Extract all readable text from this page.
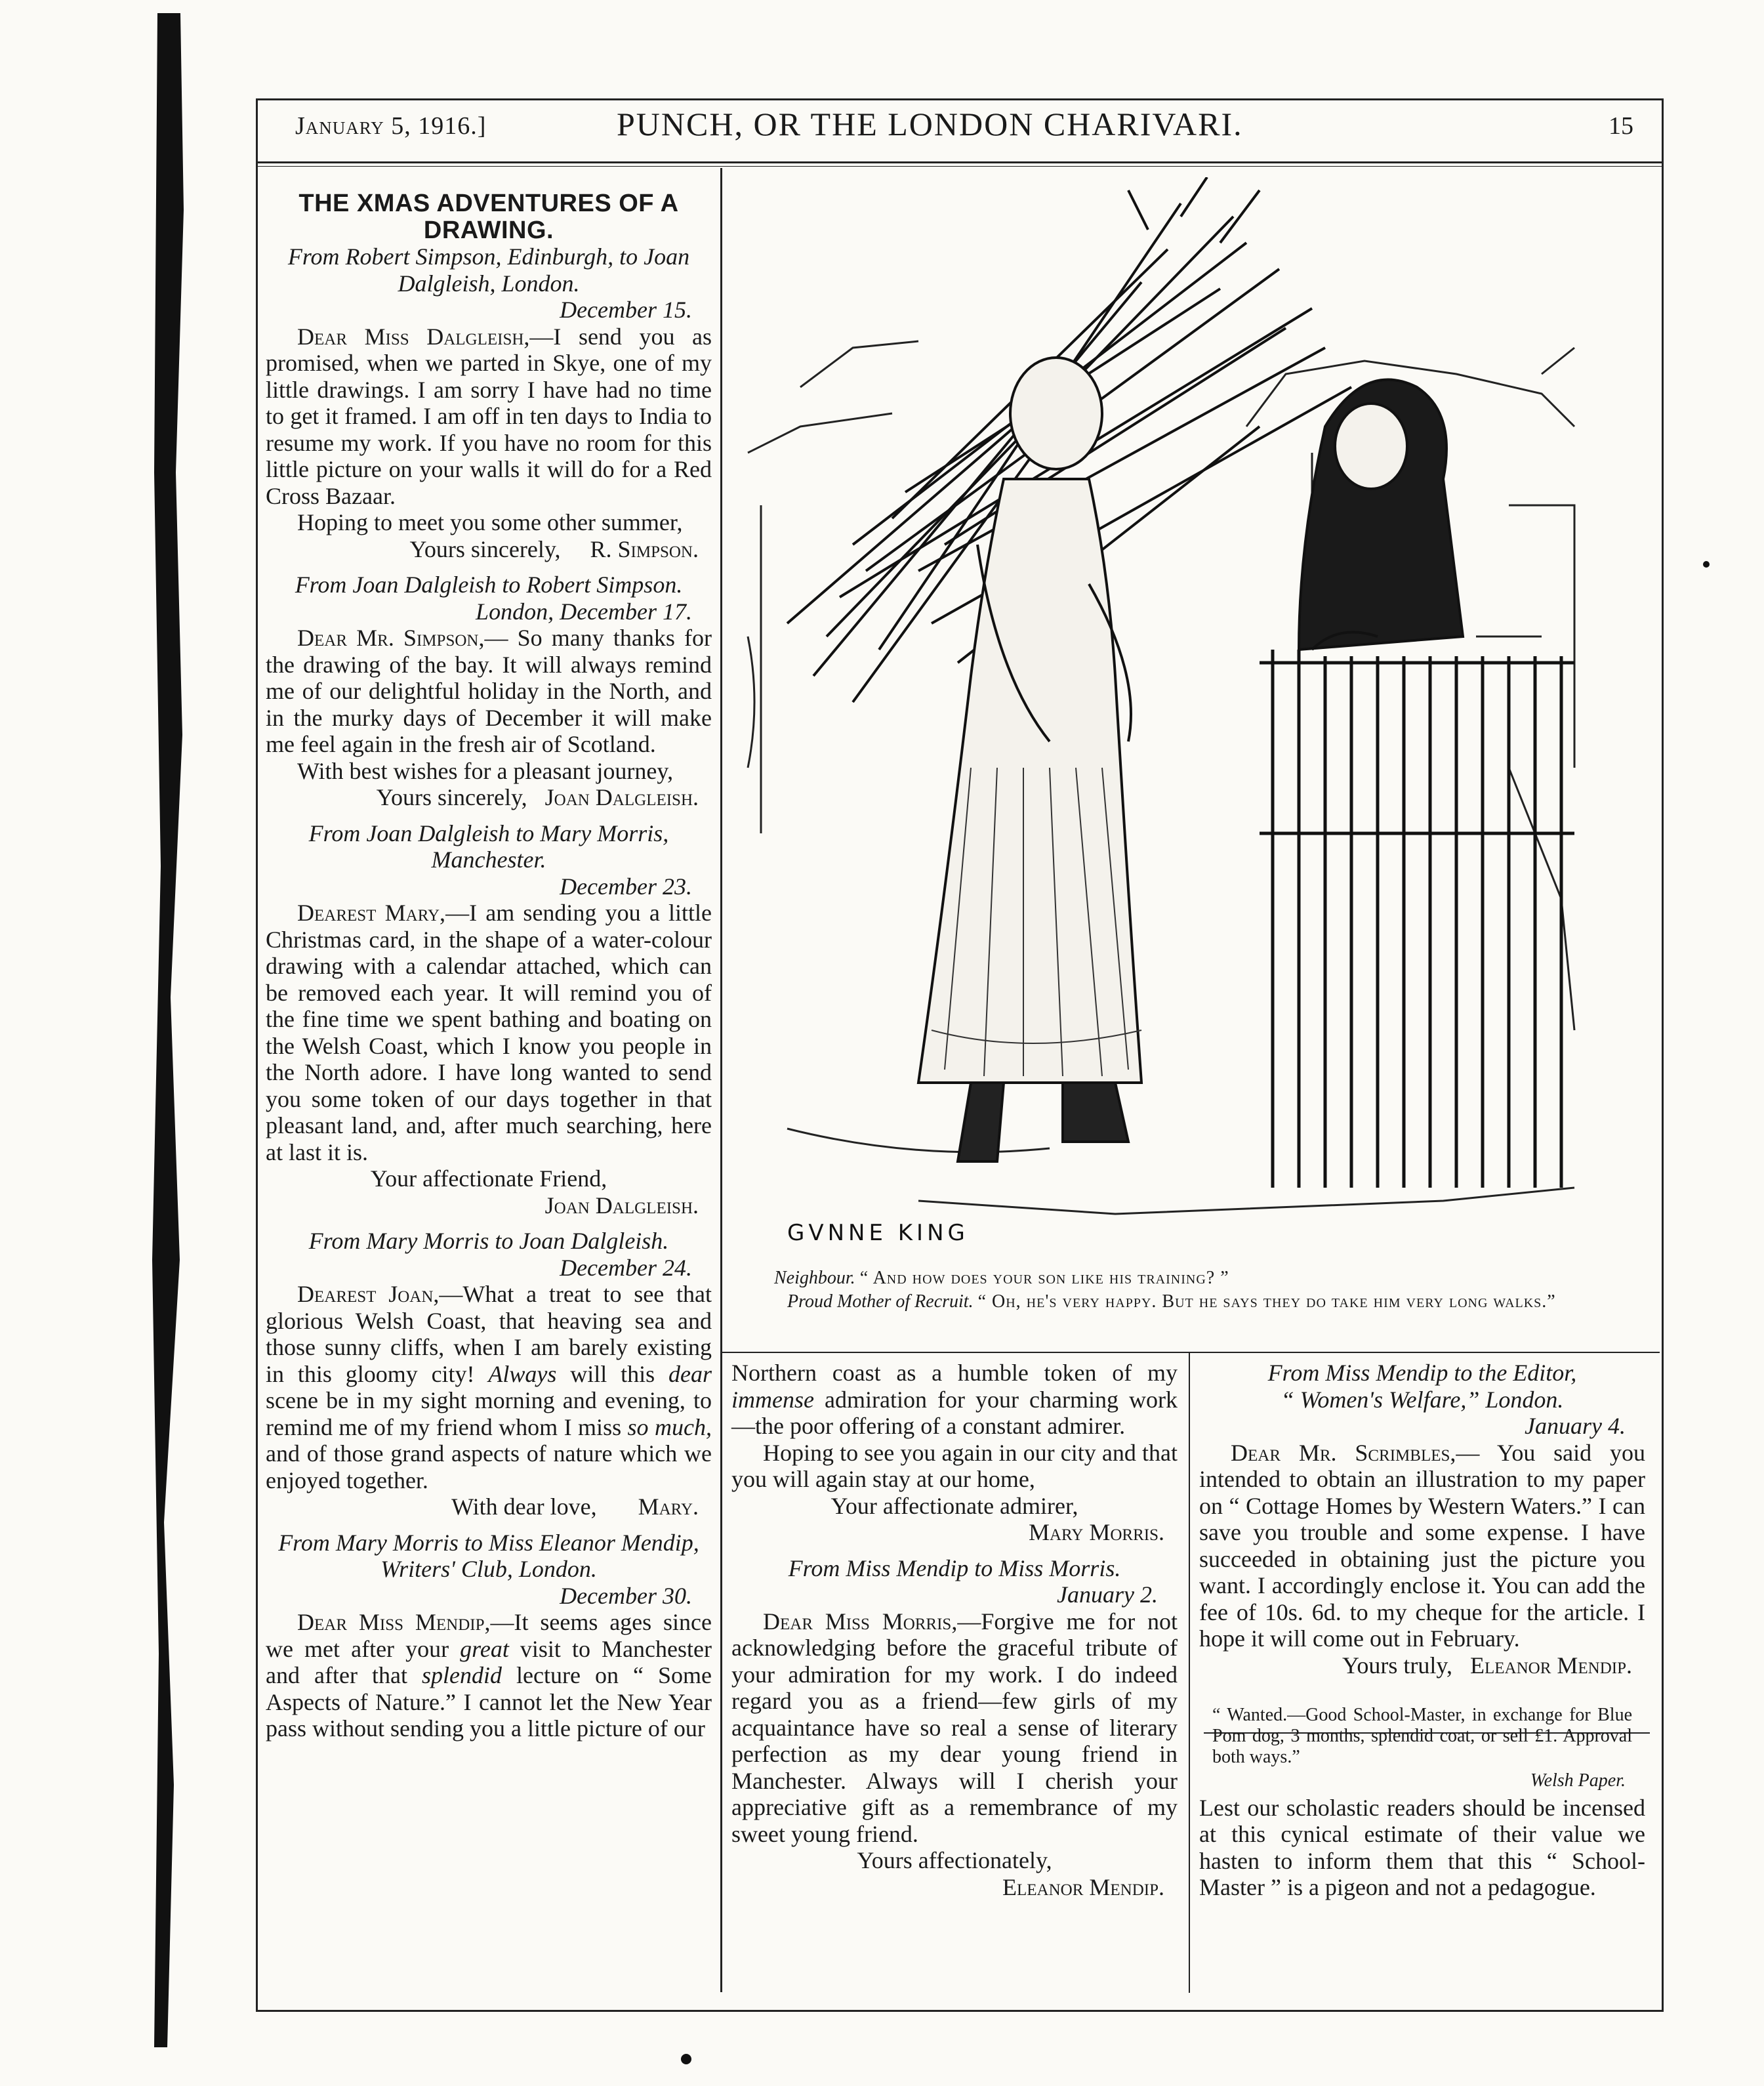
January 5, 1916.]	PUNCH, OR THE LONDON CHARIVARI.	15

THE XMAS ADVENTURES OF A DRAWING.

From Robert Simpson, Edinburgh, to Joan Dalgleish, London.

December 15.

Dear Miss Dalgleish,—I send you as promised, when we parted in Skye, one of my little drawings. I am sorry I have had no time to get it framed. I am off in ten days to India to resume my work. If you have no room for this little picture on your walls it will do for a Red Cross Bazaar.

Hoping to meet you some other summer,

Yours sincerely, R. Simpson.

From Joan Dalgleish to Robert Simpson.

London, December 17.

Dear Mr. Simpson,— So many thanks for the drawing of the bay. It will always remind me of our delightful holiday in the North, and in the murky days of December it will make me feel again in the fresh air of Scotland.

With best wishes for a pleasant journey,

Yours sincerely, Joan Dalgleish.

From Joan Dalgleish to Mary Morris, Manchester.

December 23.

Dearest Mary,—I am sending you a little Christmas card, in the shape of a water-colour drawing with a calendar attached, which can be removed each year. It will remind you of the fine time we spent bathing and boating on the Welsh Coast, which I know you people in the North adore. I have long wanted to send you some token of our days together in that pleasant land, and, after much searching, here at last it is.

Your affectionate Friend,

Joan Dalgleish.

From Mary Morris to Joan Dalgleish.

December 24.

Dearest Joan,—What a treat to see that glorious Welsh Coast, that heaving sea and those sunny cliffs, when I am barely existing in this gloomy city! Always will this dear scene be in my sight morning and evening, to remind me of my friend whom I miss so much, and of those grand aspects of nature which we enjoyed together.

With dear love, Mary.

From Mary Morris to Miss Eleanor Mendip, Writers' Club, London.

December 30.

Dear Miss Mendip,—It seems ages since we met after your great visit to Manchester and after that splendid lecture on “ Some Aspects of Nature.” I cannot let the New Year pass without sending you a little picture of our

GVNNE KING

Neighbour. “ And how does your son like his training? ”

Proud Mother of Recruit. “ Oh, he's very happy. But he says they do take him very long walks.”

Northern coast as a humble token of my immense admiration for your charming work—the poor offering of a constant admirer.

Hoping to see you again in our city and that you will again stay at our home,

Your affectionate admirer,

Mary Morris.

From Miss Mendip to Miss Morris.

January 2.

Dear Miss Morris,—Forgive me for not acknowledging before the graceful tribute of your admiration for my work. I do indeed regard you as a friend—few girls of my acquaintance have so real a sense of literary perfection as my dear young friend in Manchester. Always will I cherish your appreciative gift as a remembrance of my sweet young friend.

Yours affectionately,

Eleanor Mendip.

From Miss Mendip to the Editor,

“ Women's Welfare,” London.

January 4.

Dear Mr. Scrimbles,— You said you intended to obtain an illustration to my paper on “ Cottage Homes by Western Waters.” I can save you trouble and some expense. I have succeeded in obtaining just the picture you want. I accordingly enclose it. You can add the fee of 10s. 6d. to my cheque for the article. I hope it will come out in February.

Yours truly, Eleanor Mendip.

“ Wanted.—Good School-Master, in exchange for Blue Pom dog, 3 months, splendid coat, or sell £1. Approval both ways.”

Welsh Paper.

Lest our scholastic readers should be incensed at this cynical estimate of their value we hasten to inform them that this “ School-Master ” is a pigeon and not a pedagogue.
